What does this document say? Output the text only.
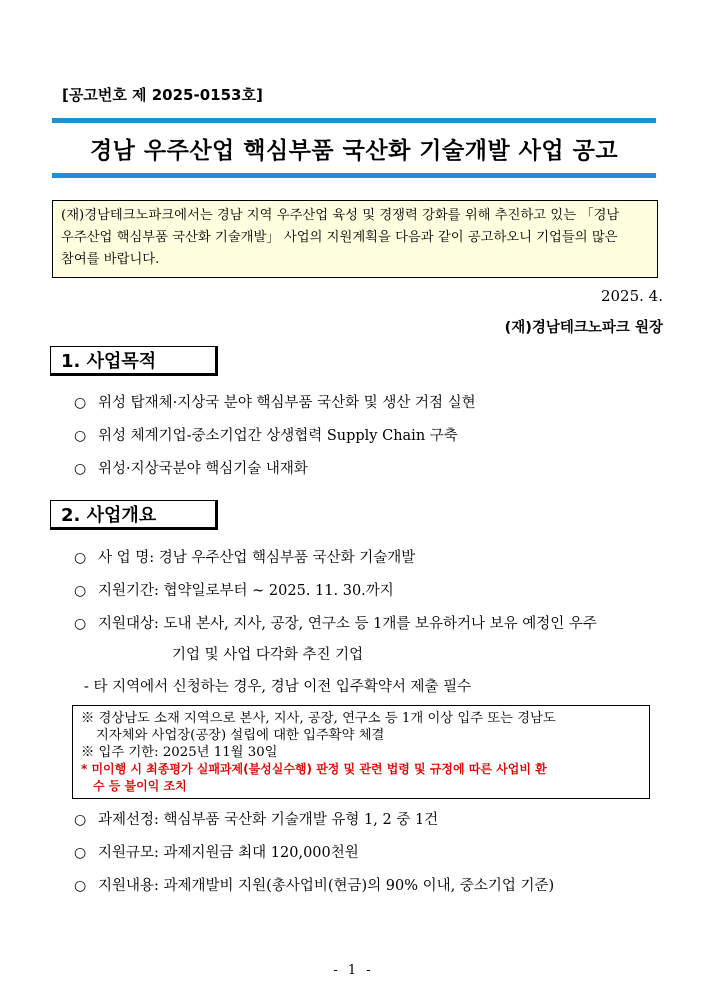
[공고번호 제 2025-0153호]
경남 우주산업 핵심부품 국산화 기술개발 사업 공고
(재)경남테크노파크에서는 경남 지역 우주산업 육성 및 경쟁력 강화를 위해 추진하고 있는 「경남
우주산업 핵심부품 국산화 기술개발」 사업의 지원계획을 다음과 같이 공고하오니 기업들의 많은
참여를 바랍니다.
2025. 4.
(재)경남테크노파크 원장
1. 사업목적
○ 위성 탑재체·지상국 분야 핵심부품 국산화 및 생산 거점 실현
○ 위성 체계기업-중소기업간 상생협력 Supply Chain 구축
○ 위성·지상국분야 핵심기술 내재화
2. 사업개요
○ 사 업 명: 경남 우주산업 핵심부품 국산화 기술개발
○ 지원기간: 협약일로부터 ~ 2025. 11. 30.까지
○ 지원대상: 도내 본사, 지사, 공장, 연구소 등 1개를 보유하거나 보유 예정인 우주
기업 및 사업 다각화 추진 기업
- 타 지역에서 신청하는 경우, 경남 이전 입주확약서 제출 필수
※ 경상남도 소재 지역으로 본사, 지사, 공장, 연구소 등 1개 이상 입주 또는 경남도
지자체와 사업장(공장) 설립에 대한 입주확약 체결
※ 입주 기한: 2025년 11월 30일
* 미이행 시 최종평가 실패과제(불성실수행) 판정 및 관련 법령 및 규정에 따른 사업비 환
수 등 불이익 조치
○ 과제선정: 핵심부품 국산화 기술개발 유형 1, 2 중 1건
○ 지원규모: 과제지원금 최대 120,000천원
○ 지원내용: 과제개발비 지원(총사업비(현금)의 90% 이내, 중소기업 기준)
- 1 -
